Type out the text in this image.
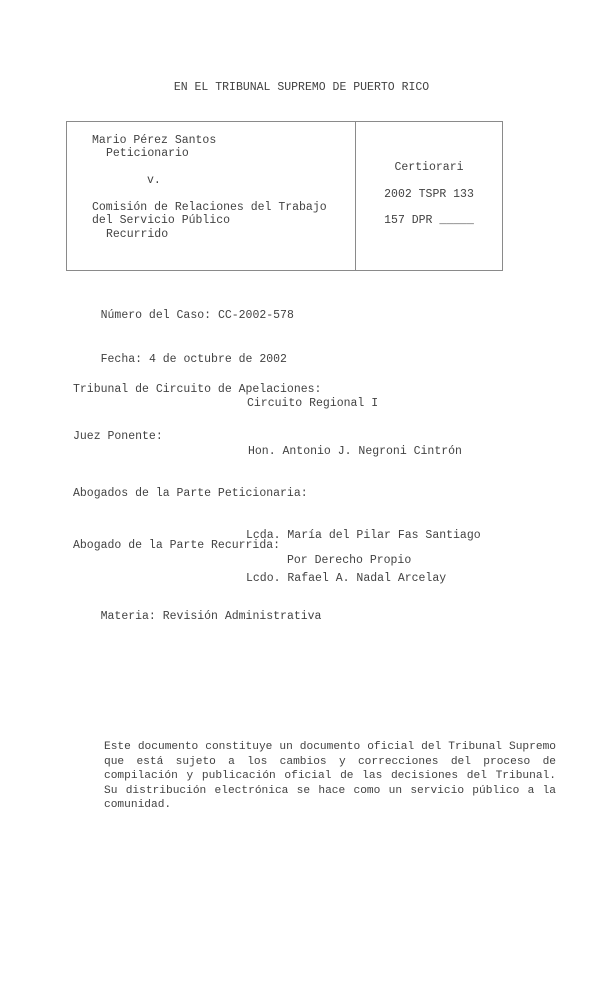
EN EL TRIBUNAL SUPREMO DE PUERTO RICO
Mario Pérez Santos
Peticionario
v.
Comisión de Relaciones del Trabajo
del Servicio Público
Recurrido
Certiorari
2002 TSPR 133
157 DPR _____

Número del Caso: CC-2002-578

Fecha: 4 de octubre de 2002

Tribunal de Circuito de Apelaciones:
Circuito Regional I
Juez Ponente:
Hon. Antonio J. Negroni Cintrón
Abogados de la Parte Peticionaria:

Lcda. María del Pilar Fas Santiago

Lcdo. Rafael A. Nadal Arcelay

Abogado de la Parte Recurrida:
Por Derecho Propio

Materia: Revisión Administrativa

Este documento constituye un documento oficial del Tribunal Supremo
que está sujeto a los cambios y correcciones del proceso de
compilación y publicación oficial de las decisiones del Tribunal.
Su distribución electrónica se hace como un servicio público a la
comunidad.
